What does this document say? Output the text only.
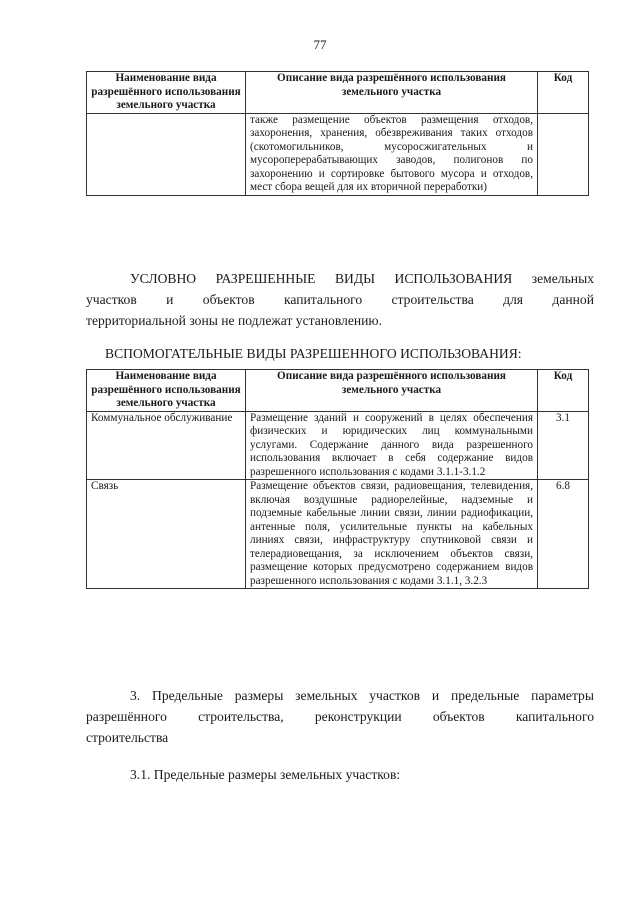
77
Наименование вида разрешённого использования земельного участка	Описание вида разрешённого использования земельного участка	Код
	также размещение объектов размещения отходов, захоронения, хранения, обезвреживания таких отходов (скотомогильников, мусоросжигательных и мусороперерабатывающих заводов, полигонов по захоронению и сортировке бытового мусора и отходов, мест сбора вещей для их вторичной переработки)	
УСЛОВНО РАЗРЕШЕННЫЕ ВИДЫ ИСПОЛЬЗОВАНИЯ земельных
участков и объектов капитального строительства для данной
территориальной зоны не подлежат установлению.
ВСПОМОГАТЕЛЬНЫЕ ВИДЫ РАЗРЕШЕННОГО ИСПОЛЬЗОВАНИЯ:
Наименование вида разрешённого использования земельного участка	Описание вида разрешённого использования земельного участка	Код
Коммунальное обслуживание	Размещение зданий и сооружений в целях обеспечения физических и юридических лиц коммунальными услугами. Содержание данного вида разрешенного использования включает в себя содержание видов разрешенного использования с кодами 3.1.1-3.1.2	3.1
Связь	Размещение объектов связи, радиовещания, телевидения, включая воздушные радиорелейные, надземные и подземные кабельные линии связи, линии радиофикации, антенные поля, усилительные пункты на кабельных линиях связи, инфраструктуру спутниковой связи и телерадиовещания, за исключением объектов связи, размещение которых предусмотрено содержанием видов разрешенного использования с кодами 3.1.1, 3.2.3	6.8
3. Предельные размеры земельных участков и предельные параметры
разрешённого строительства, реконструкции объектов капитального
строительства
3.1. Предельные размеры земельных участков:
